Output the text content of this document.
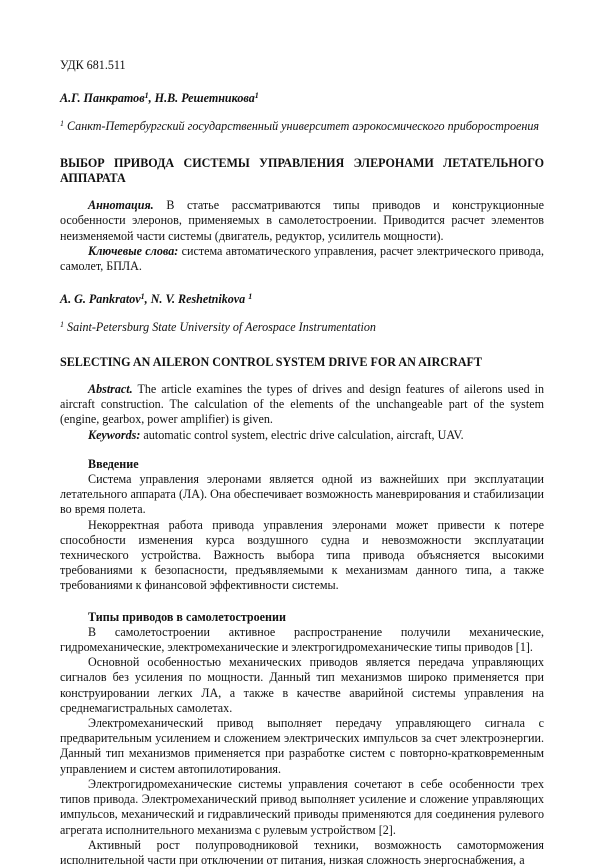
УДК 681.511

А.Г. Панкратов$^1$, Н.В. Решетникова$^1$

$^1$ Санкт-Петербургский государственный университет аэрокосмического приборостроения

ВЫБОР ПРИВОДА СИСТЕМЫ УПРАВЛЕНИЯ ЭЛЕРОНАМИ ЛЕТАТЕЛЬНОГО АППАРАТА

Аннотация. В статье рассматриваются типы приводов и конструкционные особенности элеронов, применяемых в самолетостроении. Приводится расчет элементов неизменяемой части системы (двигатель, редуктор, усилитель мощности).

Ключевые слова: система автоматического управления, расчет электрического привода, самолет, БПЛА.

A. G. Pankratov$^1$, N. V. Reshetnikova $^1$

$^1$ Saint-Petersburg State University of Aerospace Instrumentation

SELECTING AN AILERON CONTROL SYSTEM DRIVE FOR AN AIRCRAFT

Abstract. The article examines the types of drives and design features of ailerons used in aircraft construction. The calculation of the elements of the unchangeable part of the system (engine, gearbox, power amplifier) is given.

Keywords: automatic control system, electric drive calculation, aircraft, UAV.

Введение

Система управления элеронами является одной из важнейших при эксплуатации летательного аппарата (ЛА). Она обеспечивает возможность маневрирования и стабилизации во время полета.

Некорректная работа привода управления элеронами может привести к потере способности изменения курса воздушного судна и невозможности эксплуатации технического устройства. Важность выбора типа привода объясняется высокими требованиями к безопасности, предъявляемыми к механизмам данного типа, а также требованиями к финансовой эффективности системы.

Типы приводов в самолетостроении

В самолетостроении активное распространение получили механические, гидромеханические, электромеханические и электрогидромеханические типы приводов [1].

Основной особенностью механических приводов является передача управляющих сигналов без усиления по мощности. Данный тип механизмов широко применяется при конструировании легких ЛА, а также в качестве аварийной системы управления на среднемагистральных самолетах.

Электромеханический привод выполняет передачу управляющего сигнала с предварительным усилением и сложением электрических импульсов за счет электроэнергии. Данный тип механизмов применяется при разработке систем с повторно-кратковременным управлением и систем автопилотирования.

Электрогидромеханические системы управления сочетают в себе особенности трех типов привода. Электромеханический привод выполняет усиление и сложение управляющих импульсов, механический и гидравлический приводы применяются для соединения рулевого агрегата исполнительного механизма с рулевым устройством [2].

Активный рост полупроводниковой техники, возможность самоторможения исполнительной части при отключении от питания, низкая сложность энергоснабжения, а
